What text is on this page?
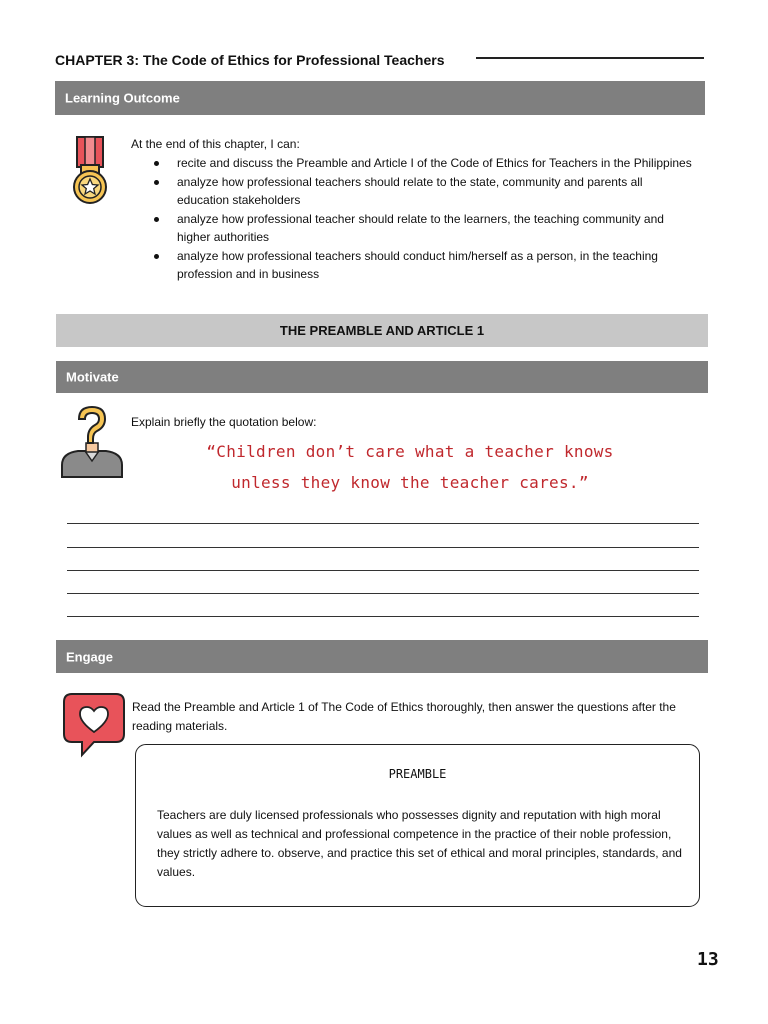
CHAPTER 3: The Code of Ethics for Professional Teachers
Learning Outcome
At the end of this chapter, I can:
recite and discuss the Preamble and Article I of the Code of Ethics for Teachers in the Philippines
analyze how professional teachers should relate to the state, community and parents all education stakeholders
analyze how professional teacher should relate to the learners, the teaching community and higher authorities
analyze how professional teachers should conduct him/herself as a person, in the teaching profession and in business
THE PREAMBLE AND ARTICLE 1
Motivate
Explain briefly the quotation below:
“Children don’t care what a teacher knows
unless they know the teacher cares.”
Engage
Read the Preamble and Article 1 of The Code of Ethics thoroughly, then answer the questions after the reading materials.
PREAMBLE
Teachers are duly licensed professionals who possesses dignity and reputation with high moral values as well as technical and professional competence in the practice of their noble profession, they strictly adhere to. observe, and practice this set of ethical and moral principles, standards, and values.
13
